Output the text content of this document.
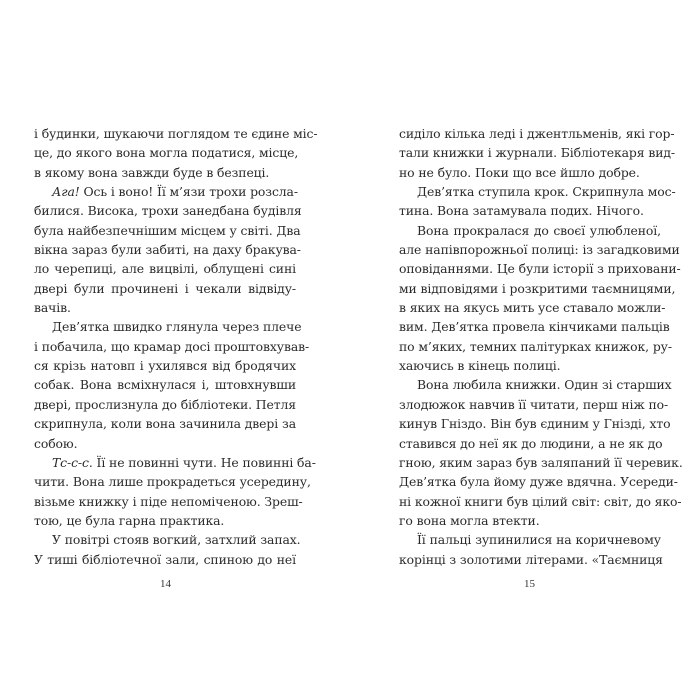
і будинки, шукаючи поглядом те єдине міс-
це, до якого вона могла податися, місце,
в якому вона завжди буде в безпеці.
Ага! Ось і воно! Її м’язи трохи розсла-
билися. Висока, трохи занедбана будівля
була найбезпечнішим місцем у світі. Два
вікна зараз були забиті, на даху бракува-
ло черепиці, але вицвілі, облущені сині
двері були прочинені і чекали відвіду-
вачів.
Дев’ятка швидко глянула через плече
і побачила, що крамар досі проштовхував-
ся крізь натовп і ухилявся від бродячих
собак. Вона всміхнулася і, штовхнувши
двері, прослизнула до бібліотеки. Петля
скрипнула, коли вона зачинила двері за
собою.
Тс-с-с. Її не повинні чути. Не повинні ба-
чити. Вона лише прокрадеться усередину,
візьме книжку і піде непоміченою. Зреш-
тою, це була гарна практика.
У повітрі стояв вогкий, затхлий запах.
У тиші бібліотечної зали, спиною до неї
сиділо кілька леді і джентльменів, які гор-
тали книжки і журнали. Бібліотекаря вид-
но не було. Поки що все йшло добре.
Дев’ятка ступила крок. Скрипнула мос-
тина. Вона затамувала подих. Нічого.
Вона прокралася до своєї улюбленої,
але напівпорожньої полиці: із загадковими
оповіданнями. Це були історії з приховани-
ми відповідями і розкритими таємницями,
в яких на якусь мить усе ставало можли-
вим. Дев’ятка провела кінчиками пальців
по м’яких, темних палітурках книжок, ру-
хаючись в кінець полиці.
Вона любила книжки. Один зі старших
злодюжок навчив її читати, перш ніж по-
кинув Гніздо. Він був єдиним у Гнізді, хто
ставився до неї як до людини, а не як до
гною, яким зараз був заляпаний її черевик.
Дев’ятка була йому дуже вдячна. Усереди-
ні кожної книги був цілий світ: світ, до яко-
го вона могла втекти.
Її пальці зупинилися на коричневому
корінці з золотими літерами. «Таємниця
14	15
